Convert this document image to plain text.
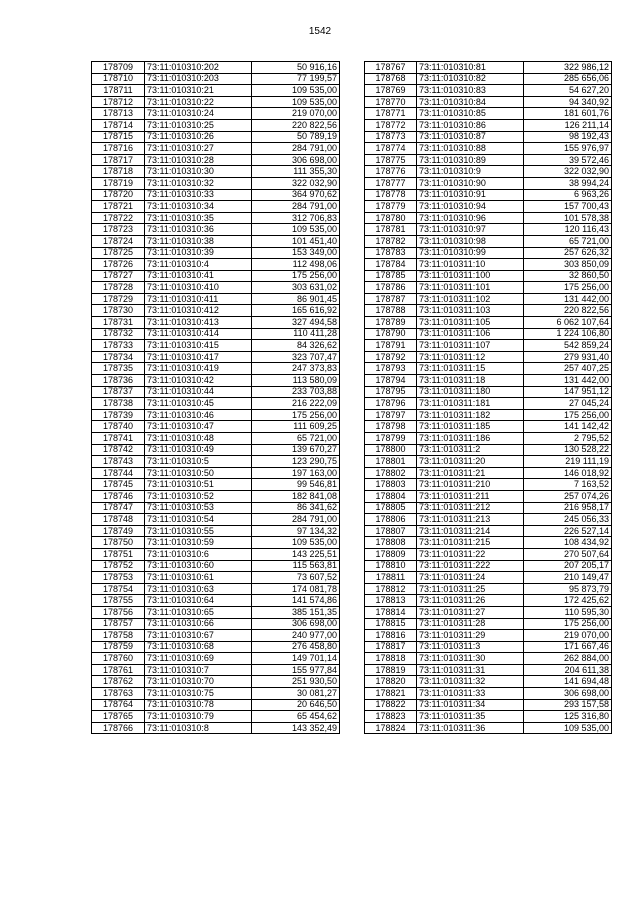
1542
178709	73:11:010310:202	50 916,16
178710	73:11:010310:203	77 199,57
178711	73:11:010310:21	109 535,00
178712	73:11:010310:22	109 535,00
178713	73:11:010310:24	219 070,00
178714	73:11:010310:25	220 822,56
178715	73:11:010310:26	50 789,19
178716	73:11:010310:27	284 791,00
178717	73:11:010310:28	306 698,00
178718	73:11:010310:30	111 355,30
178719	73:11:010310:32	322 032,90
178720	73:11:010310:33	364 970,62
178721	73:11:010310:34	284 791,00
178722	73:11:010310:35	312 706,83
178723	73:11:010310:36	109 535,00
178724	73:11:010310:38	101 451,40
178725	73:11:010310:39	153 349,00
178726	73:11:010310:4	112 498,06
178727	73:11:010310:41	175 256,00
178728	73:11:010310:410	303 631,02
178729	73:11:010310:411	86 901,45
178730	73:11:010310:412	165 616,92
178731	73:11:010310:413	327 494,58
178732	73:11:010310:414	110 411,28
178733	73:11:010310:415	84 326,62
178734	73:11:010310:417	323 707,47
178735	73:11:010310:419	247 373,83
178736	73:11:010310:42	113 580,09
178737	73:11:010310:44	233 703,88
178738	73:11:010310:45	216 222,09
178739	73:11:010310:46	175 256,00
178740	73:11:010310:47	111 609,25
178741	73:11:010310:48	65 721,00
178742	73:11:010310:49	139 670,27
178743	73:11:010310:5	123 290,75
178744	73:11:010310:50	197 163,00
178745	73:11:010310:51	99 546,81
178746	73:11:010310:52	182 841,08
178747	73:11:010310:53	86 341,62
178748	73:11:010310:54	284 791,00
178749	73:11:010310:55	97 134,32
178750	73:11:010310:59	109 535,00
178751	73:11:010310:6	143 225,51
178752	73:11:010310:60	115 563,81
178753	73:11:010310:61	73 607,52
178754	73:11:010310:63	174 081,78
178755	73:11:010310:64	141 574,86
178756	73:11:010310:65	385 151,35
178757	73:11:010310:66	306 698,00
178758	73:11:010310:67	240 977,00
178759	73:11:010310:68	276 458,80
178760	73:11:010310:69	149 701,14
178761	73:11:010310:7	155 977,84
178762	73:11:010310:70	251 930,50
178763	73:11:010310:75	30 081,27
178764	73:11:010310:78	20 646,50
178765	73:11:010310:79	65 454,62
178766	73:11:010310:8	143 352,49
178767	73:11:010310:81	322 986,12
178768	73:11:010310:82	285 656,06
178769	73:11:010310:83	54 627,20
178770	73:11:010310:84	94 340,92
178771	73:11:010310:85	181 601,76
178772	73:11:010310:86	126 211,14
178773	73:11:010310:87	98 192,43
178774	73:11:010310:88	155 976,97
178775	73:11:010310:89	39 572,46
178776	73:11:010310:9	322 032,90
178777	73:11:010310:90	38 994,24
178778	73:11:010310:91	6 963,26
178779	73:11:010310:94	157 700,43
178780	73:11:010310:96	101 578,38
178781	73:11:010310:97	120 116,43
178782	73:11:010310:98	65 721,00
178783	73:11:010310:99	257 626,32
178784	73:11:010311:10	303 850,09
178785	73:11:010311:100	32 860,50
178786	73:11:010311:101	175 256,00
178787	73:11:010311:102	131 442,00
178788	73:11:010311:103	220 822,56
178789	73:11:010311:105	6 062 107,64
178790	73:11:010311:106	1 224 106,80
178791	73:11:010311:107	542 859,24
178792	73:11:010311:12	279 931,40
178793	73:11:010311:15	257 407,25
178794	73:11:010311:18	131 442,00
178795	73:11:010311:180	147 951,12
178796	73:11:010311:181	27 045,24
178797	73:11:010311:182	175 256,00
178798	73:11:010311:185	141 142,42
178799	73:11:010311:186	2 795,52
178800	73:11:010311:2	130 528,22
178801	73:11:010311:20	219 111,19
178802	73:11:010311:21	146 018,92
178803	73:11:010311:210	7 163,52
178804	73:11:010311:211	257 074,26
178805	73:11:010311:212	216 958,17
178806	73:11:010311:213	245 056,33
178807	73:11:010311:214	226 527,14
178808	73:11:010311:215	108 434,92
178809	73:11:010311:22	270 507,64
178810	73:11:010311:222	207 205,17
178811	73:11:010311:24	210 149,47
178812	73:11:010311:25	95 873,79
178813	73:11:010311:26	172 425,62
178814	73:11:010311:27	110 595,30
178815	73:11:010311:28	175 256,00
178816	73:11:010311:29	219 070,00
178817	73:11:010311:3	171 667,46
178818	73:11:010311:30	262 884,00
178819	73:11:010311:31	204 611,38
178820	73:11:010311:32	141 694,48
178821	73:11:010311:33	306 698,00
178822	73:11:010311:34	293 157,58
178823	73:11:010311:35	125 316,80
178824	73:11:010311:36	109 535,00
